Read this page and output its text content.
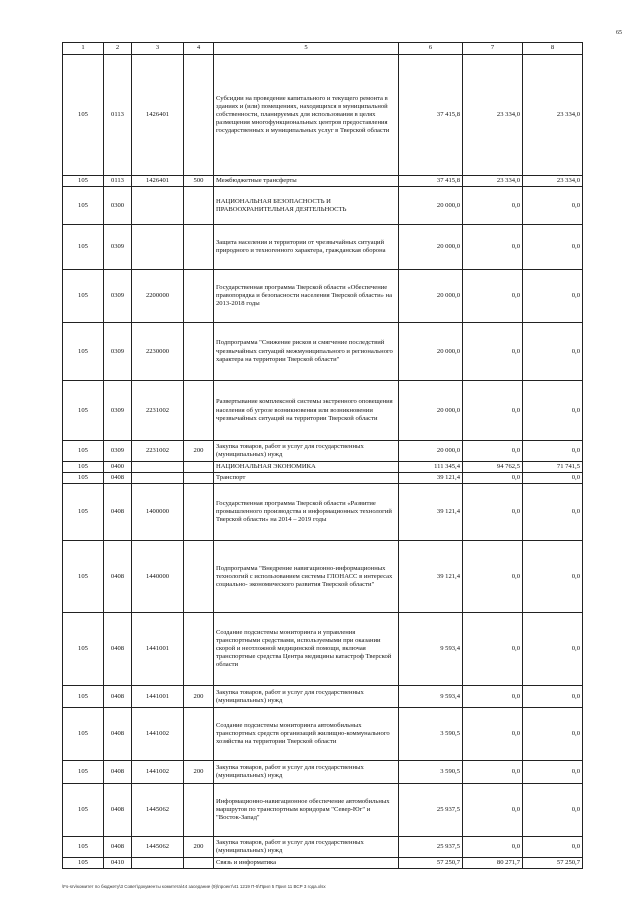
65
1	2	3	4	5	6	7	8
105	0113	1426401		Субсидии на проведение капитального и текущего ремонта в зданиях и (или) помещениях, находящихся в муниципальной собственности, планируемых для использования в целях размещения многофункциональных центров предоставления государственных и муниципальных услуг в Тверской области	37 415,8	23 334,0	23 334,0
105	0113	1426401	500	Межбюджетные трансферты	37 415,8	23 334,0	23 334,0
105	0300			НАЦИОНАЛЬНАЯ БЕЗОПАСНОСТЬ И ПРАВООХРАНИТЕЛЬНАЯ ДЕЯТЕЛЬНОСТЬ	20 000,0	0,0	0,0
105	0309			Защита населения и территории от чрезвычайных ситуаций природного и техногенного характера, гражданская оборона	20 000,0	0,0	0,0
105	0309	2200000		Государственная программа Тверской области «Обеспечение правопорядка и безопасности населения Тверской области» на 2013-2018 годы	20 000,0	0,0	0,0
105	0309	2230000		Подпрограмма "Снижение рисков и смягчение последствий чрезвычайных ситуаций межмуниципального и регионального характера на территории Тверской области"	20 000,0	0,0	0,0
105	0309	2231002		Развертывание комплексной системы экстренного оповещения населения об угрозе возникновения или возникновении чрезвычайных ситуаций на территории Тверской области	20 000,0	0,0	0,0
105	0309	2231002	200	Закупка товаров, работ и услуг для государственных (муниципальных) нужд	20 000,0	0,0	0,0
105	0400			НАЦИОНАЛЬНАЯ ЭКОНОМИКА	111 345,4	94 762,5	71 741,5
105	0408			Транспорт	39 121,4	0,0	0,0
105	0408	1400000		Государственная программа Тверской области «Развитие промышленного производства и информационных технологий Тверской области» на 2014 – 2019 годы	39 121,4	0,0	0,0
105	0408	1440000		Подпрограмма "Внедрение навигационно-информационных технологий с использованием системы ГЛОНАСС в интересах социально- экономического развития Тверской области"	39 121,4	0,0	0,0
105	0408	1441001		Создание подсистемы мониторинга и управления транспортными средствами, используемыми при оказании скорой и неотложной медицинской помощи, включая транспортные средства Центра медицины катастроф Тверской области	9 593,4	0,0	0,0
105	0408	1441001	200	Закупка товаров, работ и услуг для государственных (муниципальных) нужд	9 593,4	0,0	0,0
105	0408	1441002		Создание подсистемы мониторинга автомобильных транспортных средств организаций жилищно-коммунального хозяйства на территории Тверской области	3 590,5	0,0	0,0
105	0408	1441002	200	Закупка товаров, работ и услуг для государственных (муниципальных) нужд	3 590,5	0,0	0,0
105	0408	1445062		Информационно-навигационное обеспечение автомобильных маршрутов по транспортным коридорам "Север-Юг" и "Восток-Запад"	25 937,5	0,0	0,0
105	0408	1445062	200	Закупка товаров, работ и услуг для государственных (муниципальных) нужд	25 937,5	0,0	0,0
105	0410			Связь и информатика	57 250,7	80 271,7	57 250,7
\Fs-srv\комитет по бюджету\3 Совет\документы комитета\44 заседание (9)\проект\41 1219 П-5\Прил 5 Прил 11 ВСР 3 года.xlsx
